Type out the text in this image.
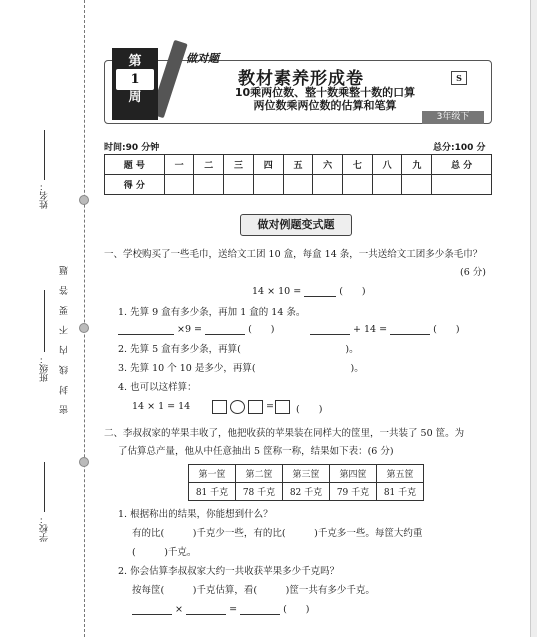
姓名：
班级：
学校：
密 封 线 内 不 要 答 题
第
1
周
做对题
教材素养形成卷
10乘两位数、整十数乘整十数的口算
两位数乘两位数的估算和笔算
S
3年级下
时间:90 分钟	总分:100 分
题 号	一	二	三	四	五	六	七	八	九	总 分
得 分										
做对例题变式题
一、学校购买了一些毛巾，送给文工团 10 盒，每盒 14 条，一共送给文工团多少条毛巾？
(6 分)
14 × 10 =	(　　)
1. 先算 9 盒有多少条，再加 1 盒的 14 条。
×9 =	(　　)	+ 14 =	(　　)
2. 先算 5 盒有多少条，再算(　　　　　　　　　　　)。
3. 先算 10 个 10 是多少，再算(　　　　　　　　　　)。
4. 也可以这样算：
14 × 1 = 14	= (　　)
二、李叔叔家的苹果丰收了，他把收获的苹果装在同样大的筐里，一共装了 50 筐。为
了估算总产量，他从中任意抽出 5 筐称一称，结果如下表：(6 分)
第一筐	第二筐	第三筐	第四筐	第五筐
81 千克	78 千克	82 千克	79 千克	81 千克
1. 根据称出的结果，你能想到什么？
有的比(　　　)千克少一些，有的比(　　　)千克多一些。每筐大约重
(　　　)千克。
2. 你会估算李叔叔家大约一共收获苹果多少千克吗？
按每筐(　　　)千克估算，看(　　　)筐一共有多少千克。
×	=	(　　)
